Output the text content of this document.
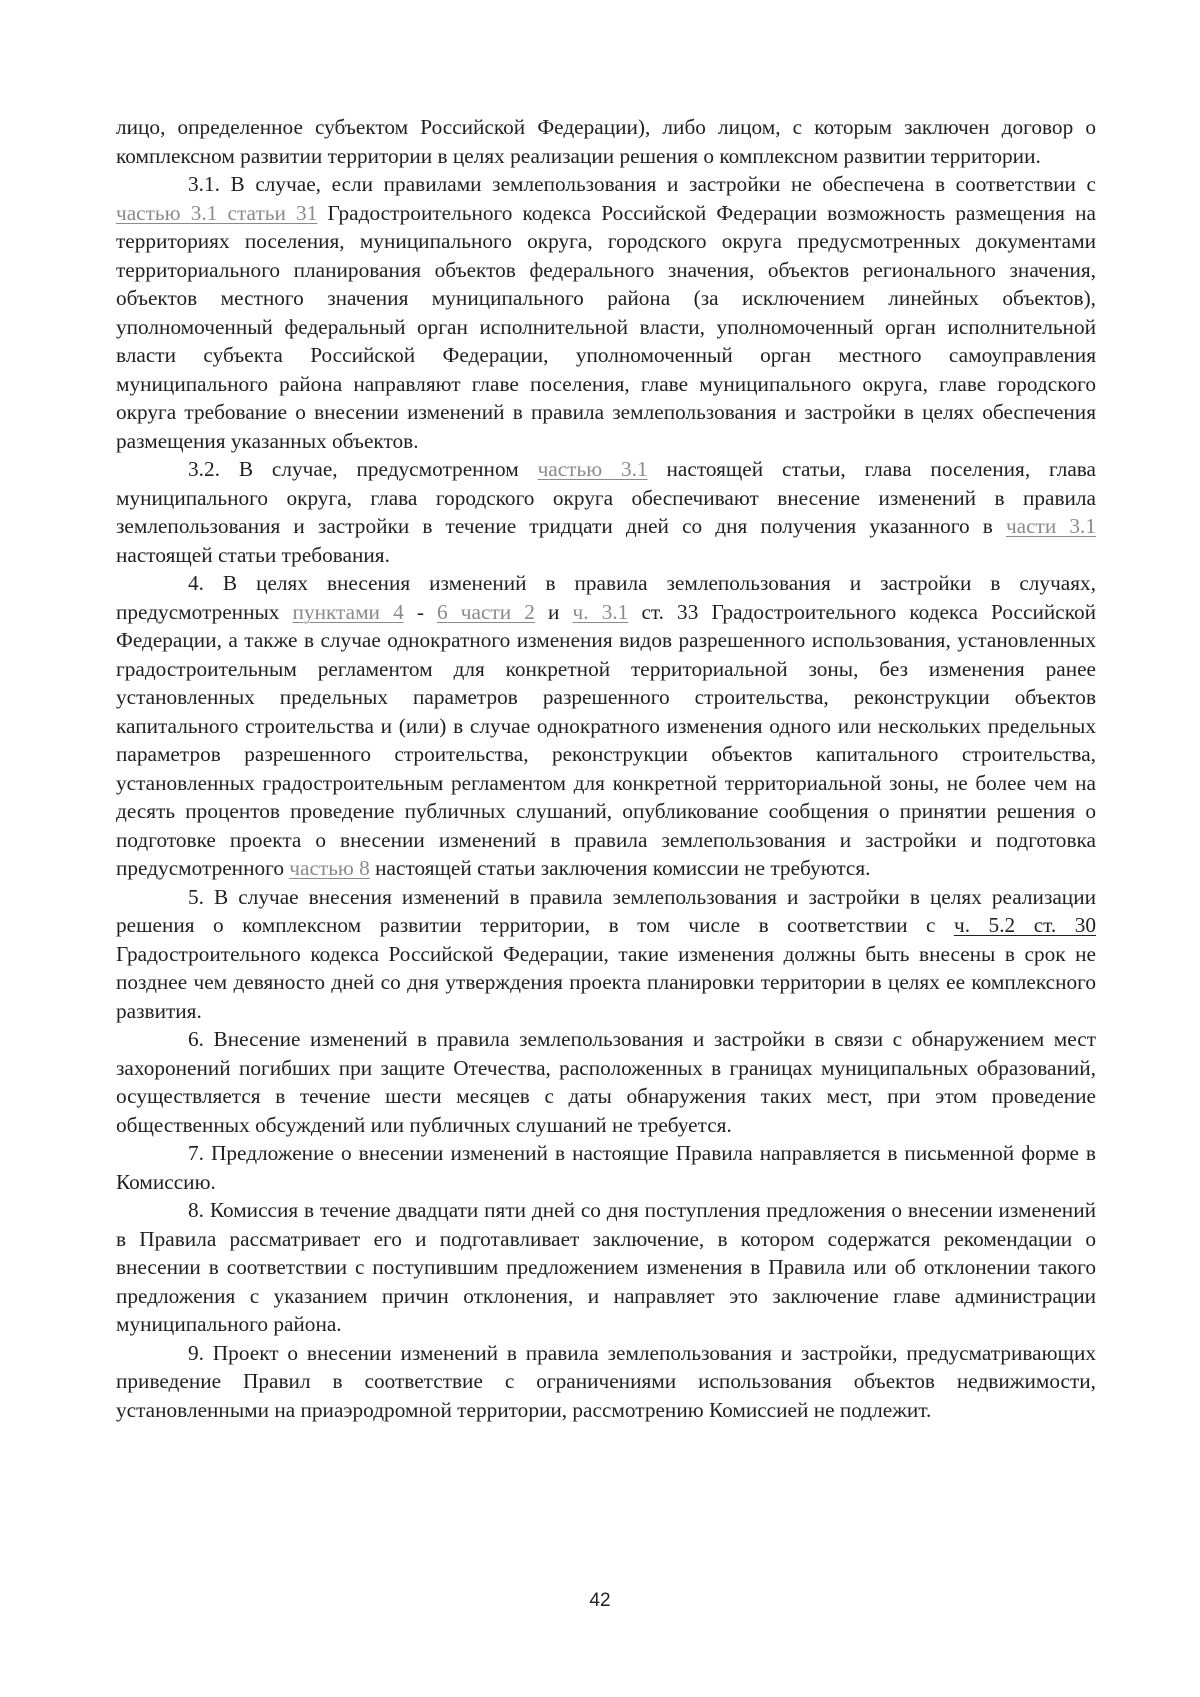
лицо, определенное субъектом Российской Федерации), либо лицом, с которым заключен договор о комплексном развитии территории в целях реализации решения о комплексном развитии территории.

3.1. В случае, если правилами землепользования и застройки не обеспечена в соответствии с частью 3.1 статьи 31 Градостроительного кодекса Российской Федерации возможность размещения на территориях поселения, муниципального округа, городского округа предусмотренных документами территориального планирования объектов федерального значения, объектов регионального значения, объектов местного значения муниципального района (за исключением линейных объектов), уполномоченный федеральный орган исполнительной власти, уполномоченный орган исполнительной власти субъекта Российской Федерации, уполномоченный орган местного самоуправления муниципального района направляют главе поселения, главе муниципального округа, главе городского округа требование о внесении изменений в правила землепользования и застройки в целях обеспечения размещения указанных объектов.

3.2. В случае, предусмотренном частью 3.1 настоящей статьи, глава поселения, глава муниципального округа, глава городского округа обеспечивают внесение изменений в правила землепользования и застройки в течение тридцати дней со дня получения указанного в части 3.1 настоящей статьи требования.

4. В целях внесения изменений в правила землепользования и застройки в случаях, предусмотренных пунктами 4 - 6 части 2 и ч. 3.1 ст. 33 Градостроительного кодекса Российской Федерации, а также в случае однократного изменения видов разрешенного использования, установленных градостроительным регламентом для конкретной территориальной зоны, без изменения ранее установленных предельных параметров разрешенного строительства, реконструкции объектов капитального строительства и (или) в случае однократного изменения одного или нескольких предельных параметров разрешенного строительства, реконструкции объектов капитального строительства, установленных градостроительным регламентом для конкретной территориальной зоны, не более чем на десять процентов проведение публичных слушаний, опубликование сообщения о принятии решения о подготовке проекта о внесении изменений в правила землепользования и застройки и подготовка предусмотренного частью 8 настоящей статьи заключения комиссии не требуются.

5. В случае внесения изменений в правила землепользования и застройки в целях реализации решения о комплексном развитии территории, в том числе в соответствии с ч. 5.2 ст. 30 Градостроительного кодекса Российской Федерации, такие изменения должны быть внесены в срок не позднее чем девяносто дней со дня утверждения проекта планировки территории в целях ее комплексного развития.

6. Внесение изменений в правила землепользования и застройки в связи с обнаружением мест захоронений погибших при защите Отечества, расположенных в границах муниципальных образований, осуществляется в течение шести месяцев с даты обнаружения таких мест, при этом проведение общественных обсуждений или публичных слушаний не требуется.

7. Предложение о внесении изменений в настоящие Правила направляется в письменной форме в Комиссию.

8. Комиссия в течение двадцати пяти дней со дня поступления предложения о внесении изменений в Правила рассматривает его и подготавливает заключение, в котором содержатся рекомендации о внесении в соответствии с поступившим предложением изменения в Правила или об отклонении такого предложения с указанием причин отклонения, и направляет это заключение главе администрации муниципального района.

9. Проект о внесении изменений в правила землепользования и застройки, предусматривающих приведение Правил в соответствие с ограничениями использования объектов недвижимости, установленными на приаэродромной территории, рассмотрению Комиссией не подлежит.

42
